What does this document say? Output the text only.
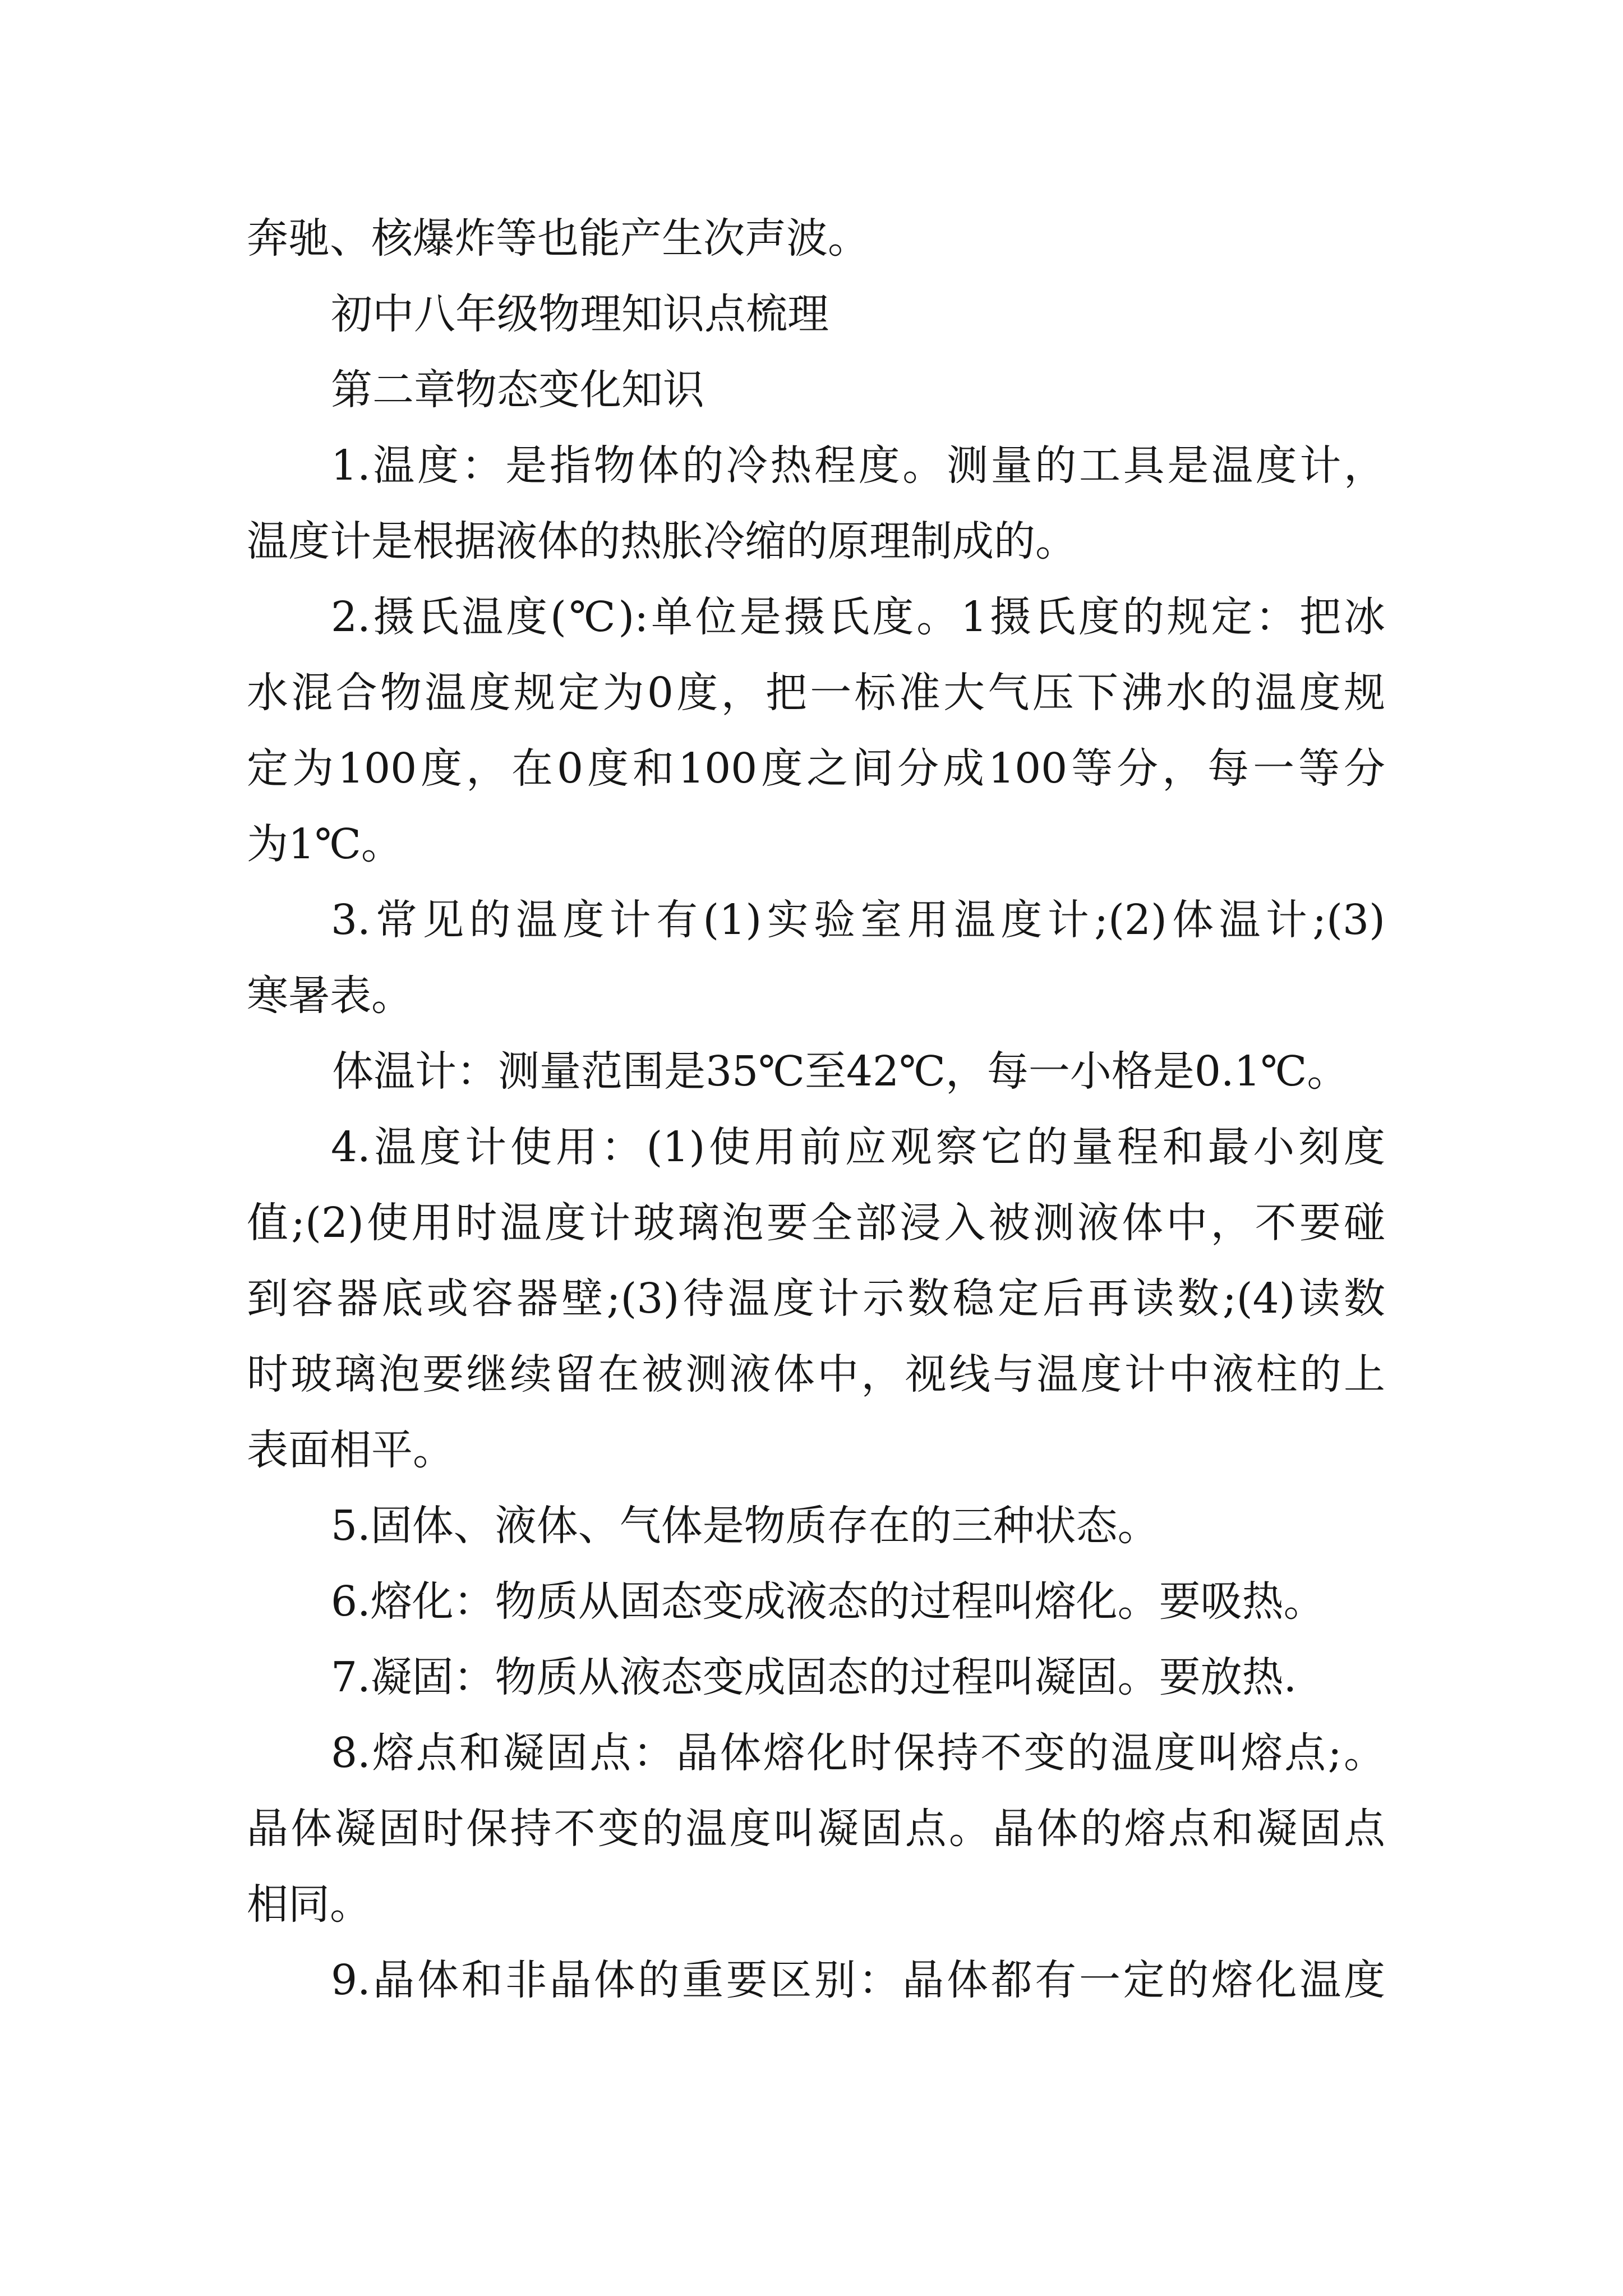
奔驰、核爆炸等也能产生次声波。
初中八年级物理知识点梳理
第二章物态变化知识
1.温度：是指物体的冷热程度。测量的工具是温度计，
温度计是根据液体的热胀冷缩的原理制成的。
2.摄氏温度(℃):单位是摄氏度。1摄氏度的规定：把冰
水混合物温度规定为0度，把一标准大气压下沸水的温度规
定为100度，在0度和100度之间分成100等分，每一等分
为1℃。
3.常见的温度计有(1)实验室用温度计;(2)体温计;(3)
寒暑表。
体温计：测量范围是35℃至42℃，每一小格是0.1℃。
4.温度计使用：(1)使用前应观察它的量程和最小刻度
值;(2)使用时温度计玻璃泡要全部浸入被测液体中，不要碰
到容器底或容器壁;(3)待温度计示数稳定后再读数;(4)读数
时玻璃泡要继续留在被测液体中，视线与温度计中液柱的上
表面相平。
5.固体、液体、气体是物质存在的三种状态。
6.熔化：物质从固态变成液态的过程叫熔化。要吸热。
7.凝固：物质从液态变成固态的过程叫凝固。要放热.
8.熔点和凝固点：晶体熔化时保持不变的温度叫熔点;。
晶体凝固时保持不变的温度叫凝固点。晶体的熔点和凝固点
相同。
9.晶体和非晶体的重要区别：晶体都有一定的熔化温度
